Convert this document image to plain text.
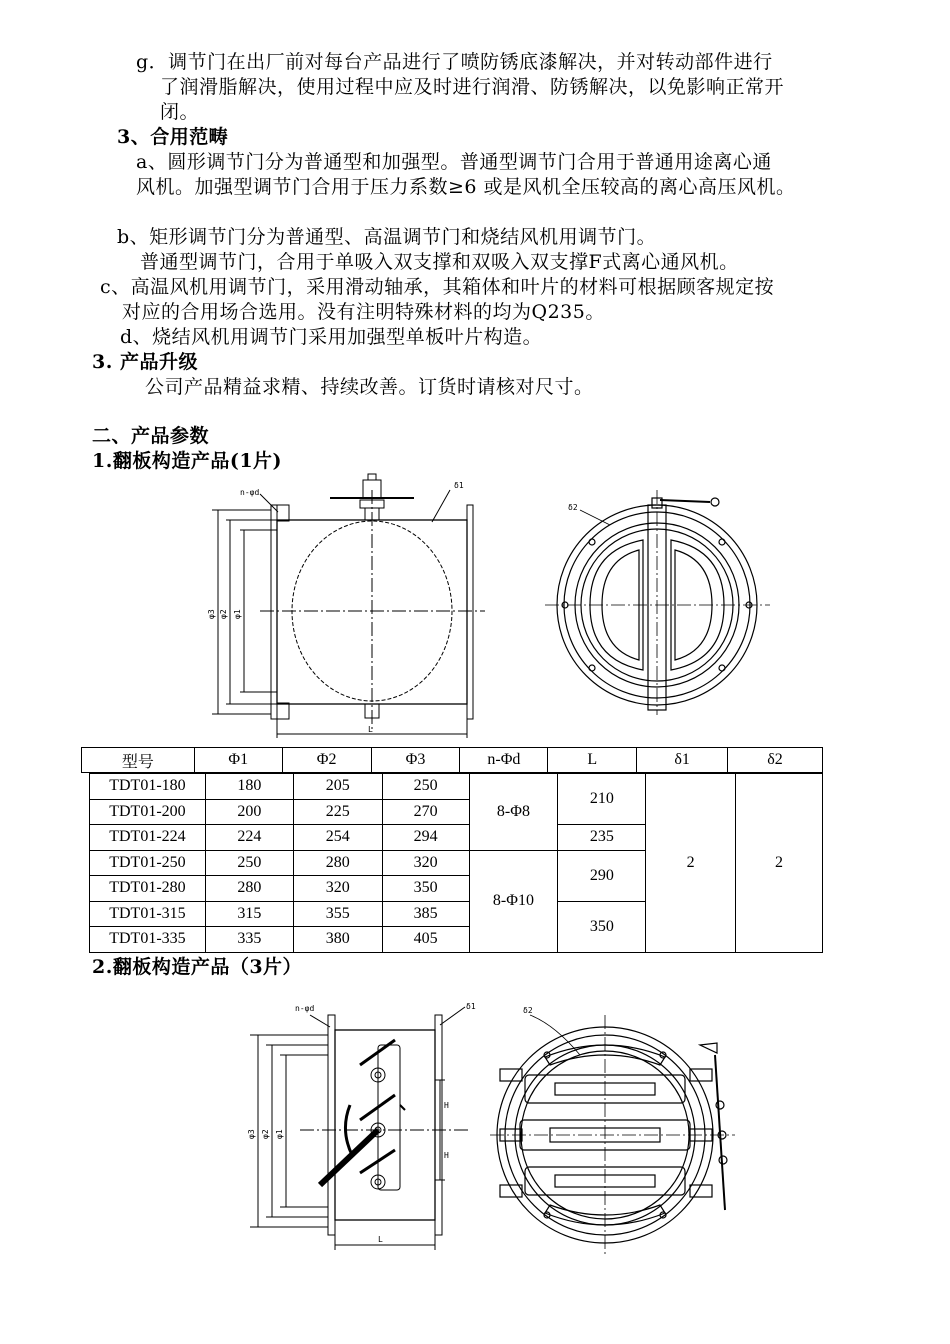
g．调节门在出厂前对每台产品进行了喷防锈底漆解决，并对转动部件进行
了润滑脂解决，使用过程中应及时进行润滑、防锈解决，以免影响正常开
闭。
3、合用范畴
a、圆形调节门分为普通型和加强型。普通型调节门合用于普通用途离心通
风机。加强型调节门合用于压力系数≥6 或是风机全压较高的离心高压风机。
b、矩形调节门分为普通型、高温调节门和烧结风机用调节门。
普通型调节门，合用于单吸入双支撑和双吸入双支撑F式离心通风机。
c、高温风机用调节门，采用滑动轴承，其箱体和叶片的材料可根据顾客规定按
对应的合用场合选用。没有注明特殊材料的均为Q235。
d、烧结风机用调节门采用加强型单板叶片构造。
3. 产品升级
公司产品精益求精、持续改善。订货时请核对尺寸。
二、产品参数
1.翻板构造产品(1片)
n-φd
δ1
φ3 φ2 φ1
L
δ2
型号	Φ1	Φ2	Φ3	n-Φd	L	δ1	δ2
TDT01-180	180	205	250	8-Φ8	210	2	2
TDT01-200	200	225	270				
TDT01-224	224	254	294		235		
TDT01-250	250	280	320	8-Φ10	290		
TDT01-280	280	320	350				
TDT01-315	315	355	385		350		
TDT01-335	335	380	405				
2.翻板构造产品（3片）
n-φd	δ1
φ3 φ2 φ1
H
H
L
δ2
